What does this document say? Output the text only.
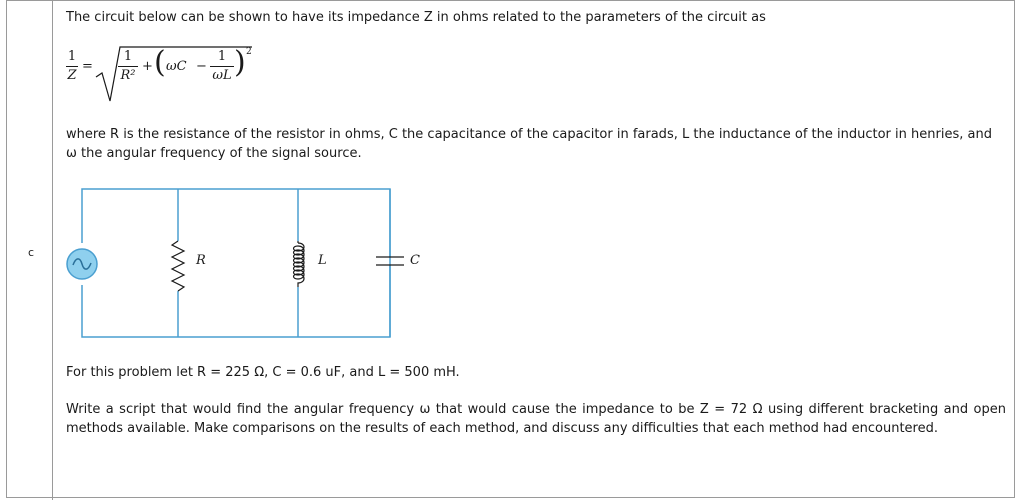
c

The circuit below can be shown to have its impedance Z in ohms related to the parameters of the circuit as

1
Z
=
1
R²
+ ( ωC −
1
ωL ) 2

where R is the resistance of the resistor in ohms, C the capacitance of the capacitor in farads, L the inductance of the inductor in henries, and ω the angular frequency of the signal source.

R	L	C

For this problem let R = 225 Ω, C = 0.6 uF, and L = 500 mH.

Write a script that would find the angular frequency ω that would cause the impedance to be Z = 72 Ω using different bracketing and open methods available. Make comparisons on the results of each method, and discuss any difficulties that each method had encountered.
